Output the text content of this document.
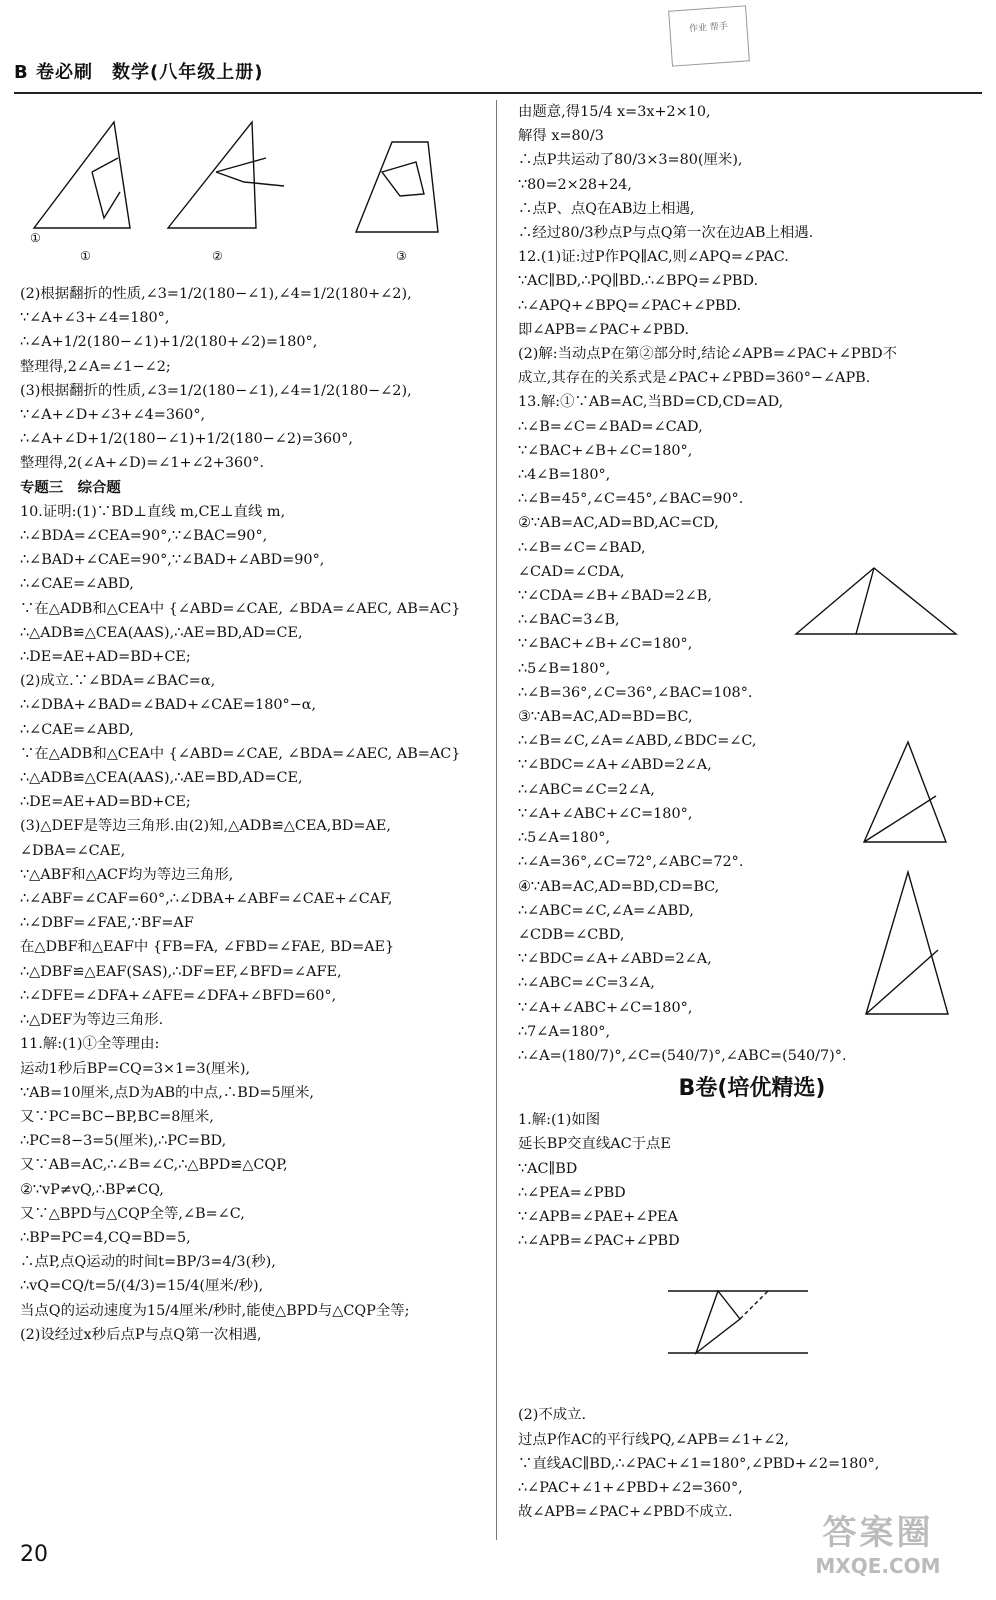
B 卷必刷　数学(八年级上册)

作业 帮手
①
①	②	③
(2)根据翻折的性质,∠3=1/2(180−∠1),∠4=1/2(180+∠2),
∵∠A+∠3+∠4=180°,
∴∠A+1/2(180−∠1)+1/2(180+∠2)=180°,
整理得,2∠A=∠1−∠2;
(3)根据翻折的性质,∠3=1/2(180−∠1),∠4=1/2(180−∠2),
∵∠A+∠D+∠3+∠4=360°,
∴∠A+∠D+1/2(180−∠1)+1/2(180−∠2)=360°,
整理得,2(∠A+∠D)=∠1+∠2+360°.
专题三　综合题
10.证明:(1)∵BD⊥直线 m,CE⊥直线 m,
∴∠BDA=∠CEA=90°,∵∠BAC=90°,
∴∠BAD+∠CAE=90°,∵∠BAD+∠ABD=90°,
∴∠CAE=∠ABD,
∵在△ADB和△CEA中 {∠ABD=∠CAE, ∠BDA=∠AEC, AB=AC}
∴△ADB≌△CEA(AAS),∴AE=BD,AD=CE,
∴DE=AE+AD=BD+CE;
(2)成立.∵∠BDA=∠BAC=α,
∴∠DBA+∠BAD=∠BAD+∠CAE=180°−α,
∴∠CAE=∠ABD,
∵在△ADB和△CEA中 {∠ABD=∠CAE, ∠BDA=∠AEC, AB=AC}
∴△ADB≌△CEA(AAS),∴AE=BD,AD=CE,
∴DE=AE+AD=BD+CE;
(3)△DEF是等边三角形.由(2)知,△ADB≌△CEA,BD=AE,
∠DBA=∠CAE,
∵△ABF和△ACF均为等边三角形,
∴∠ABF=∠CAF=60°,∴∠DBA+∠ABF=∠CAE+∠CAF,
∴∠DBF=∠FAE,∵BF=AF
在△DBF和△EAF中 {FB=FA, ∠FBD=∠FAE, BD=AE}
∴△DBF≌△EAF(SAS),∴DF=EF,∠BFD=∠AFE,
∴∠DFE=∠DFA+∠AFE=∠DFA+∠BFD=60°,
∴△DEF为等边三角形.
11.解:(1)①全等理由:
运动1秒后BP=CQ=3×1=3(厘米),
∵AB=10厘米,点D为AB的中点,∴BD=5厘米,
又∵PC=BC−BP,BC=8厘米,
∴PC=8−3=5(厘米),∴PC=BD,
又∵AB=AC,∴∠B=∠C,∴△BPD≌△CQP,
②∵vP≠vQ,∴BP≠CQ,
又∵△BPD与△CQP全等,∠B=∠C,
∴BP=PC=4,CQ=BD=5,
∴点P,点Q运动的时间t=BP/3=4/3(秒),
∴vQ=CQ/t=5/(4/3)=15/4(厘米/秒),
当点Q的运动速度为15/4厘米/秒时,能使△BPD与△CQP全等;
(2)设经过x秒后点P与点Q第一次相遇,
由题意,得15/4 x=3x+2×10,
解得 x=80/3
∴点P共运动了80/3×3=80(厘米),
∵80=2×28+24,
∴点P、点Q在AB边上相遇,
∴经过80/3秒点P与点Q第一次在边AB上相遇.
12.(1)证:过P作PQ∥AC,则∠APQ=∠PAC.
∵AC∥BD,∴PQ∥BD.∴∠BPQ=∠PBD.
∴∠APQ+∠BPQ=∠PAC+∠PBD.
即∠APB=∠PAC+∠PBD.
(2)解:当动点P在第②部分时,结论∠APB=∠PAC+∠PBD不
成立,其存在的关系式是∠PAC+∠PBD=360°−∠APB.
13.解:①∵AB=AC,当BD=CD,CD=AD,
∴∠B=∠C=∠BAD=∠CAD,
∵∠BAC+∠B+∠C=180°,
∴4∠B=180°,
∴∠B=45°,∠C=45°,∠BAC=90°.
②∵AB=AC,AD=BD,AC=CD,
∴∠B=∠C=∠BAD,
∠CAD=∠CDA,
∵∠CDA=∠B+∠BAD=2∠B,
∴∠BAC=3∠B,
∵∠BAC+∠B+∠C=180°,
∴5∠B=180°,
∴∠B=36°,∠C=36°,∠BAC=108°.
③∵AB=AC,AD=BD=BC,
∴∠B=∠C,∠A=∠ABD,∠BDC=∠C,
∵∠BDC=∠A+∠ABD=2∠A,
∴∠ABC=∠C=2∠A,
∵∠A+∠ABC+∠C=180°,
∴5∠A=180°,
∴∠A=36°,∠C=72°,∠ABC=72°.
④∵AB=AC,AD=BD,CD=BC,
∴∠ABC=∠C,∠A=∠ABD,
∠CDB=∠CBD,
∵∠BDC=∠A+∠ABD=2∠A,
∴∠ABC=∠C=3∠A,
∵∠A+∠ABC+∠C=180°,
∴7∠A=180°,
∴∠A=(180/7)°,∠C=(540/7)°,∠ABC=(540/7)°.
B卷(培优精选)
1.解:(1)如图
延长BP交直线AC于点E
∵AC∥BD
∴∠PEA=∠PBD
∵∠APB=∠PAE+∠PEA
∴∠APB=∠PAC+∠PBD
(2)不成立.
过点P作AC的平行线PQ,∠APB=∠1+∠2,
∵直线AC∥BD,∴∠PAC+∠1=180°,∠PBD+∠2=180°,
∴∠PAC+∠1+∠PBD+∠2=360°,
故∠APB=∠PAC+∠PBD不成立.
20
答案圈
MXQE.COM
